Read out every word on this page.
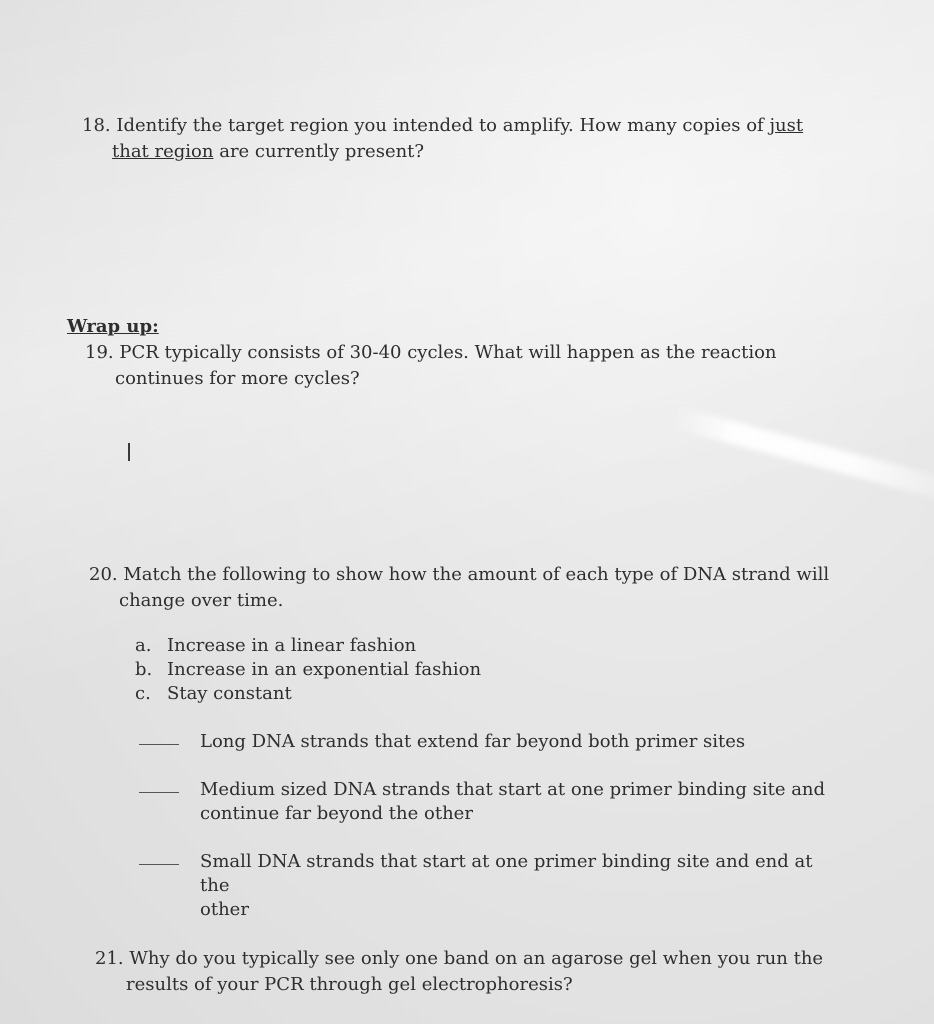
18. Identify the target region you intended to amplify. How many copies of just
that region are currently present?

Wrap up:

19. PCR typically consists of 30-40 cycles. What will happen as the reaction
continues for more cycles?

20. Match the following to show how the amount of each type of DNA strand will
change over time.

a. Increase in a linear fashion
b. Increase in an exponential fashion
c. Stay constant
Long DNA strands that extend far beyond both primer sites
Medium sized DNA strands that start at one primer binding site and
continue far beyond the other
Small DNA strands that start at one primer binding site and end at the
other

21. Why do you typically see only one band on an agarose gel when you run the
results of your PCR through gel electrophoresis?
